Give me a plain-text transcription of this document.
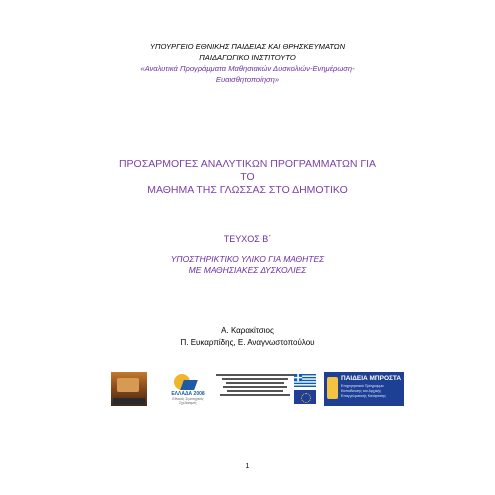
ΥΠΟΥΡΓΕΙΟ ΕΘΝΙΚΗΣ ΠΑΙΔΕΙΑΣ ΚΑΙ ΘΡΗΣΚΕΥΜΑΤΩΝ
ΠΑΙΔΑΓΩΓΙΚΟ ΙΝΣΤΙΤΟΥΤΟ
«Αναλυτικά Προγράμματα Μαθησιακών Δυσκολιών-Ενημέρωση-
Ευαισθητοποίηση»
ΠΡΟΣΑΡΜΟΓΕΣ ΑΝΑΛΥΤΙΚΩΝ ΠΡΟΓΡΑΜΜΑΤΩΝ ΓΙΑ
ΤΟ
ΜΑΘΗΜΑ ΤΗΣ ΓΛΩΣΣΑΣ ΣΤΟ ΔΗΜΟΤΙΚΟ
ΤΕΥΧΟΣ Β΄
ΥΠΟΣΤΗΡΙΚΤΙΚΟ ΥΛΙΚΟ ΓΙΑ ΜΑΘΗΤΕΣ
ΜΕ ΜΑΘΗΣΙΑΚΕΣ ΔΥΣΚΟΛΙΕΣ
Α. Καρακίτσιος
Π. Ευκαρπίδης, Ε. Αναγνωστοπούλου
ΕΛΛΑΔΑ 2008
Εθνικός Στρατηγικός Σχεδιασμός
ΠΑΙΔΕΙΑ ΜΠΡΟΣΤΑ
Επιχειρησιακό Πρόγραμμα Εκπαίδευσης και Αρχικής Επαγγελματικής Κατάρτισης
1
